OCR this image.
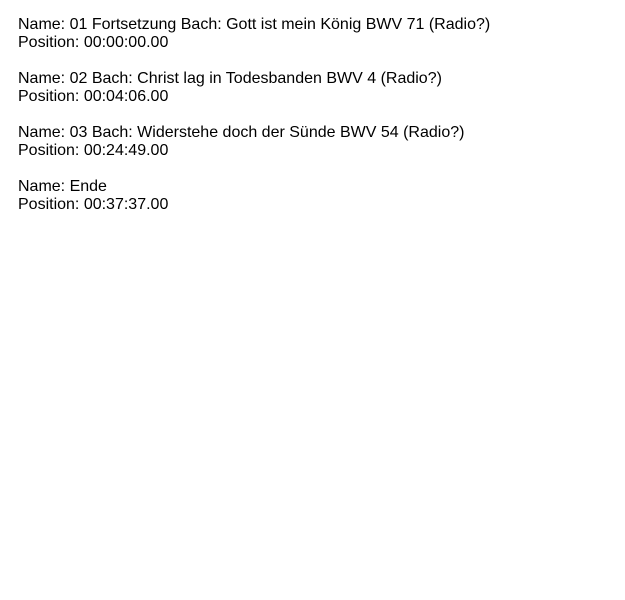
Name: 01 Fortsetzung Bach: Gott ist mein König BWV 71 (Radio?)
Position: 00:00:00.00
Name: 02 Bach: Christ lag in Todesbanden BWV 4 (Radio?)
Position: 00:04:06.00
Name: 03 Bach: Widerstehe doch der Sünde BWV 54 (Radio?)
Position: 00:24:49.00
Name: Ende
Position: 00:37:37.00
